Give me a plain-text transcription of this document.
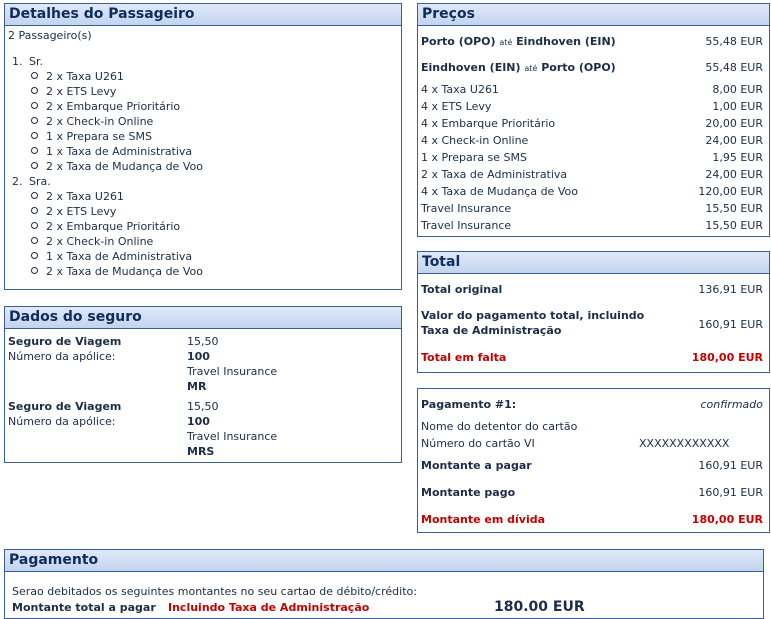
Detalhes do Passageiro
2 Passageiro(s)
1. Sr.
2 x Taxa U261
2 x ETS Levy
2 x Embarque Prioritário
2 x Check-in Online
1 x Prepara se SMS
1 x Taxa de Administrativa
2 x Taxa de Mudança de Voo
2. Sra.
2 x Taxa U261
2 x ETS Levy
2 x Embarque Prioritário
2 x Check-in Online
1 x Taxa de Administrativa
2 x Taxa de Mudança de Voo
Dados do seguro
Seguro de Viagem	15,50
Número da apólice:	100
Travel Insurance
MR
Seguro de Viagem	15,50
Número da apólice:	100
Travel Insurance
MRS
Preços
Porto (OPO) até Eindhoven (EIN)	55,48 EUR
Eindhoven (EIN) até Porto (OPO)	55,48 EUR
4 x Taxa U261	8,00 EUR
4 x ETS Levy	1,00 EUR
4 x Embarque Prioritário	20,00 EUR
4 x Check-in Online	24,00 EUR
1 x Prepara se SMS	1,95 EUR
2 x Taxa de Administrativa	24,00 EUR
4 x Taxa de Mudança de Voo	120,00 EUR
Travel Insurance	15,50 EUR
Travel Insurance	15,50 EUR
Total
Total original	136,91 EUR
Valor do pagamento total, incluindo
Taxa de Administração	160,91 EUR
Total em falta	180,00 EUR
Pagamento #1:	confirmado
Nome do detentor do cartão
Número do cartão VI	XXXXXXXXXXXX
Montante a pagar	160,91 EUR
Montante pago	160,91 EUR
Montante em dívida	180,00 EUR
Pagamento
Serao debitados os seguintes montantes no seu cartao de débito/crédito:
Montante total a pagar Incluindo Taxa de Administração	180.00 EUR
